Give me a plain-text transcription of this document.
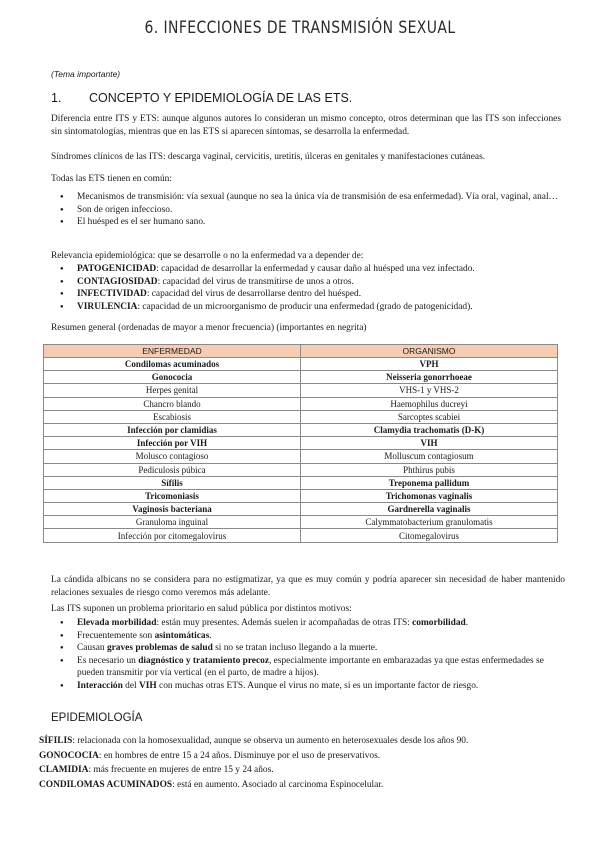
6. INFECCIONES DE TRANSMISIÓN SEXUAL
(Tema importante)
1. CONCEPTO Y EPIDEMIOLOGÍA DE LAS ETS.
Diferencia entre ITS y ETS: aunque algunos autores lo consideran un mismo concepto, otros determinan que las ITS son infecciones sin sintomatologías, mientras que en las ETS si aparecen síntomas, se desarrolla la enfermedad.
Síndromes clínicos de las ITS: descarga vaginal, cervicitis, uretitis, úlceras en genitales y manifestaciones cutáneas.
Todas las ETS tienen en común:
● Mecanismos de transmisión: vía sexual (aunque no sea la única vía de transmisión de esa enfermedad). Vía oral, vaginal, anal…
● Son de origen infeccioso.
● El huésped es el ser humano sano.
Relevancia epidemiológica: que se desarrolle o no la enfermedad va a depender de:
● PATOGENICIDAD: capacidad de desarrollar la enfermedad y causar daño al huésped una vez infectado.
● CONTAGIOSIDAD: capacidad del virus de transmitirse de unos a otros.
● INFECTIVIDAD: capacidad del virus de desarrollarse dentro del huésped.
● VIRULENCIA: capacidad de un microorganismo de producir una enfermedad (grado de patogenicidad).
Resumen general (ordenadas de mayor a menor frecuencia) (importantes en negrita)
ENFERMEDAD	ORGANISMO
Condilomas acuminados	VPH
Gonococia	Neisseria gonorrhoeae
Herpes genital	VHS-1 y VHS-2
Chancro blando	Haemophilus ducreyi
Escabiosis	Sarcoptes scabiei
Infección por clamidias	Clamydia trachomatis (D-K)
Infección por VIH	VIH
Molusco contagioso	Molluscum contagiosum
Pediculosis púbica	Phthirus pubis
Sífilis	Treponema pallidum
Tricomoniasis	Trichomonas vaginalis
Vaginosis bacteriana	Gardnerella vaginalis
Granuloma inguinal	Calymmatobacterium granulomatis
Infección por citomegalovirus	Citomegalovirus
La cándida albicans no se considera para no estigmatizar, ya que es muy común y podría aparecer sin necesidad de haber mantenido relaciones sexuales de riesgo como veremos más adelante.
Las ITS suponen un problema prioritario en salud pública por distintos motivos:
● Elevada morbilidad: están muy presentes. Además suelen ir acompañadas de otras ITS: comorbilidad.
● Frecuentemente son asintomáticas.
● Causan graves problemas de salud si no se tratan incluso llegando a la muerte.
● Es necesario un diagnóstico y tratamiento precoz, especialmente importante en embarazadas ya que estas enfermedades se pueden transmitir por vía vertical (en el parto, de madre a hijos).
● Interacción del VIH con muchas otras ETS. Aunque el virus no mate, si es un importante factor de riesgo.
EPIDEMIOLOGÍA
SÍFILIS: relacionada con la homosexualidad, aunque se observa un aumento en heterosexuales desde los años 90.
GONOCOCIA: en hombres de entre 15 a 24 años. Disminuye por el uso de preservativos.
CLAMIDIA: más frecuente en mujeres de entre 15 y 24 años.
CONDILOMAS ACUMINADOS: está en aumento. Asociado al carcinoma Espinocelular.
